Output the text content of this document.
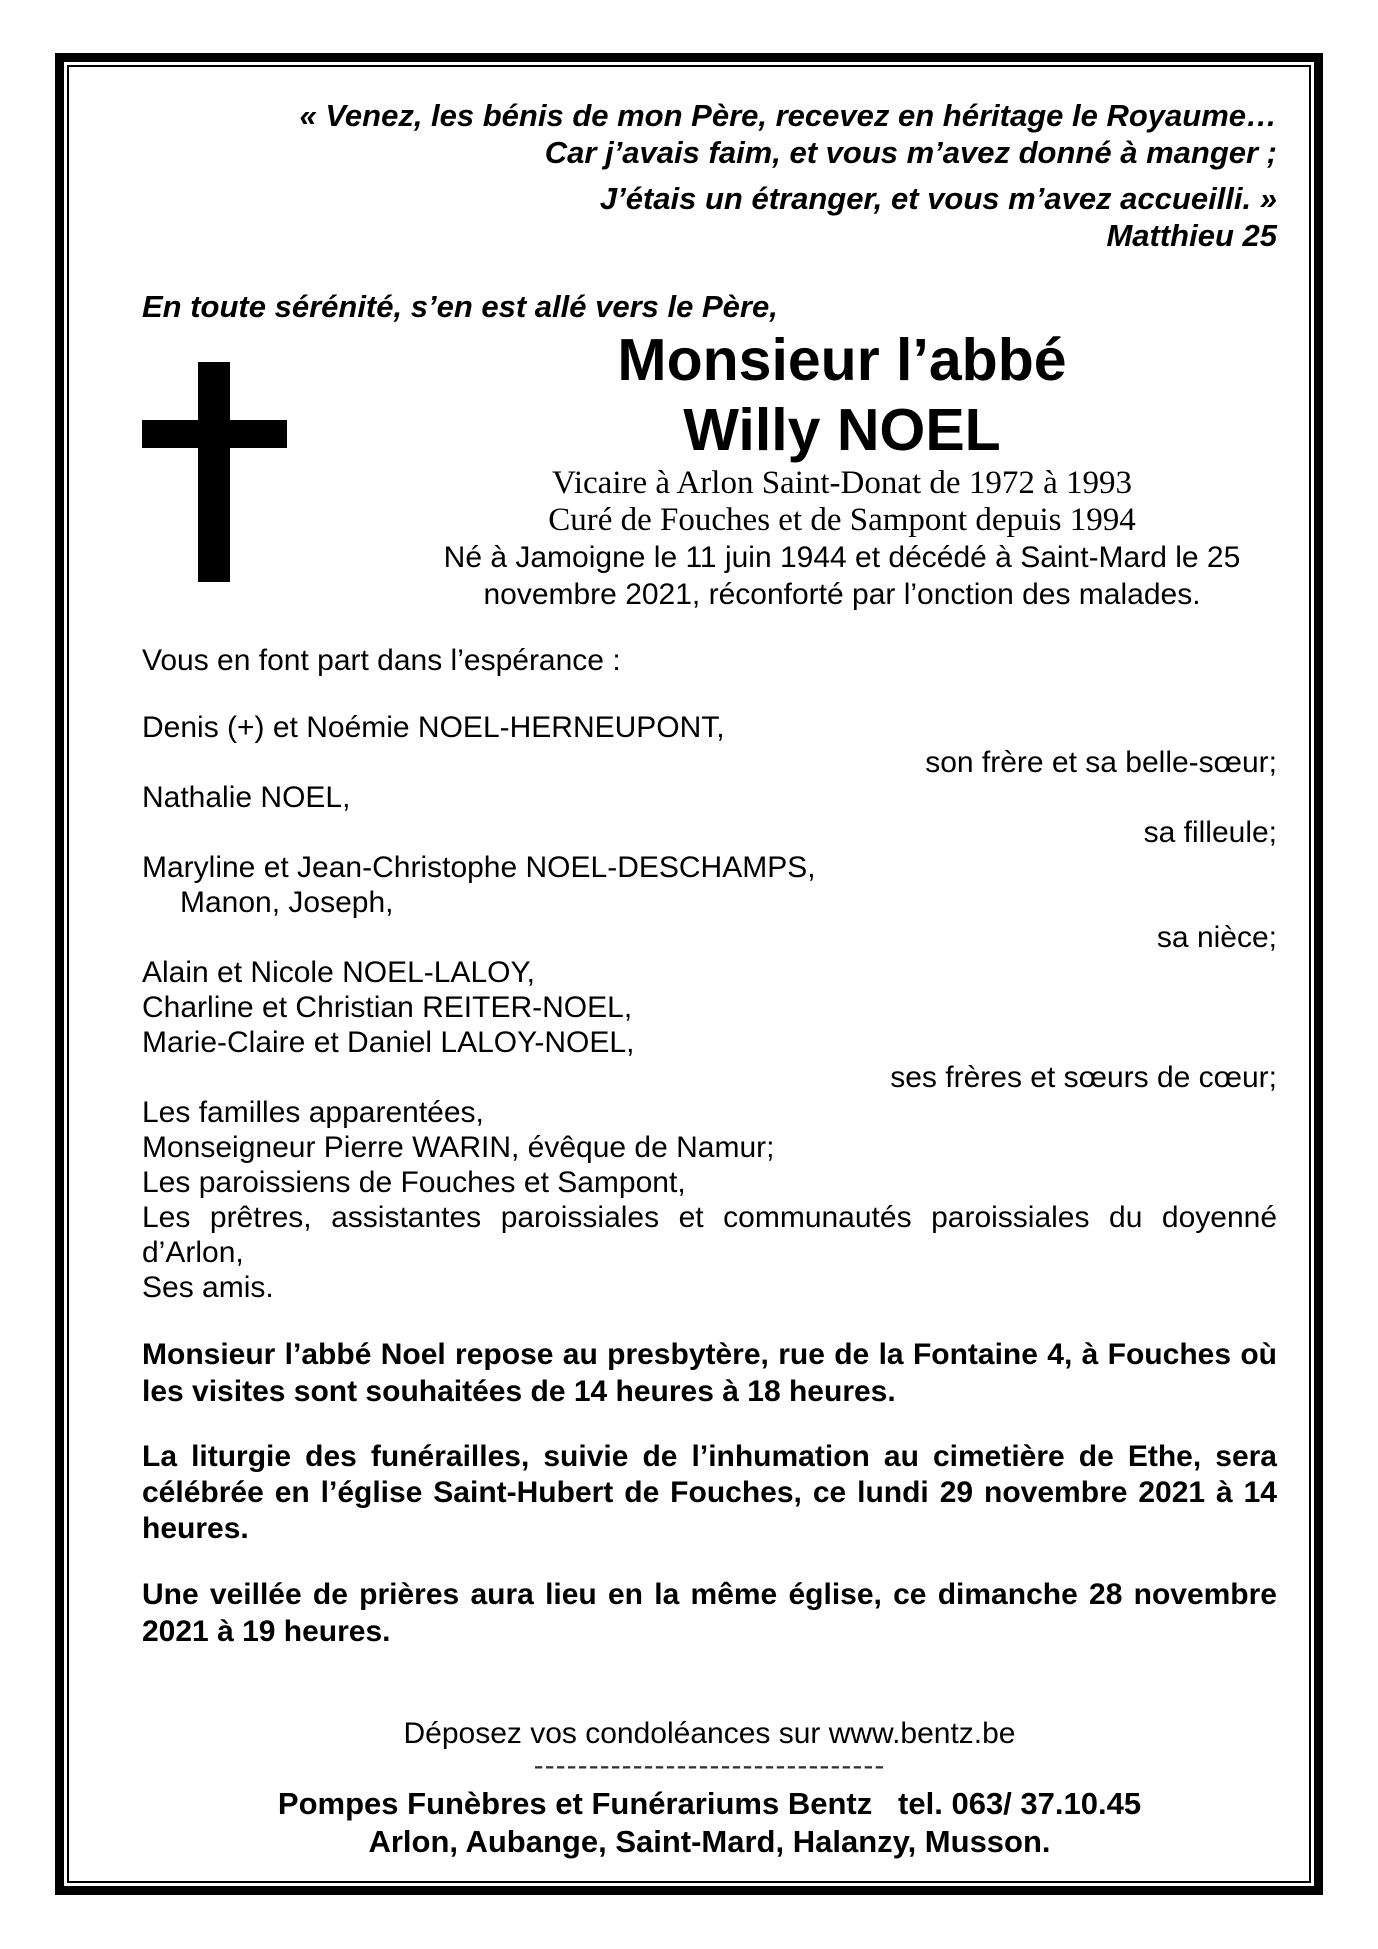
« Venez, les bénis de mon Père, recevez en héritage le Royaume…
Car j’avais faim, et vous m’avez donné à manger ;
J’étais un étranger, et vous m’avez accueilli. »
Matthieu 25
En toute sérénité, s’en est allé vers le Père,
Monsieur l’abbé
Willy NOEL
Vicaire à Arlon Saint-Donat de 1972 à 1993
Curé de Fouches et de Sampont depuis 1994
Né à Jamoigne le 11 juin 1944 et décédé à Saint-Mard le 25
novembre 2021, réconforté par l’onction des malades.
Vous en font part dans l’espérance :
Denis (+) et Noémie NOEL-HERNEUPONT,
son frère et sa belle-sœur;
Nathalie NOEL,
sa filleule;
Maryline et Jean-Christophe NOEL-DESCHAMPS,
Manon, Joseph,
sa nièce;
Alain et Nicole NOEL-LALOY,
Charline et Christian REITER-NOEL,
Marie-Claire et Daniel LALOY-NOEL,
ses frères et sœurs de cœur;
Les familles apparentées,
Monseigneur Pierre WARIN, évêque de Namur;
Les paroissiens de Fouches et Sampont,
Les prêtres, assistantes paroissiales et communautés paroissiales du doyenné
d’Arlon,
Ses amis.
Monsieur l’abbé Noel repose au presbytère, rue de la Fontaine 4, à Fouches où
les visites sont souhaitées de 14 heures à 18 heures.
La liturgie des funérailles, suivie de l’inhumation au cimetière de Ethe, sera
célébrée en l’église Saint-Hubert de Fouches, ce lundi 29 novembre 2021 à 14
heures.
Une veillée de prières aura lieu en la même église, ce dimanche 28 novembre
2021 à 19 heures.
Déposez vos condoléances sur www.bentz.be
--------------------------------
Pompes Funèbres et Funérariums Bentz   tel. 063/ 37.10.45
Arlon, Aubange, Saint-Mard, Halanzy, Musson.
